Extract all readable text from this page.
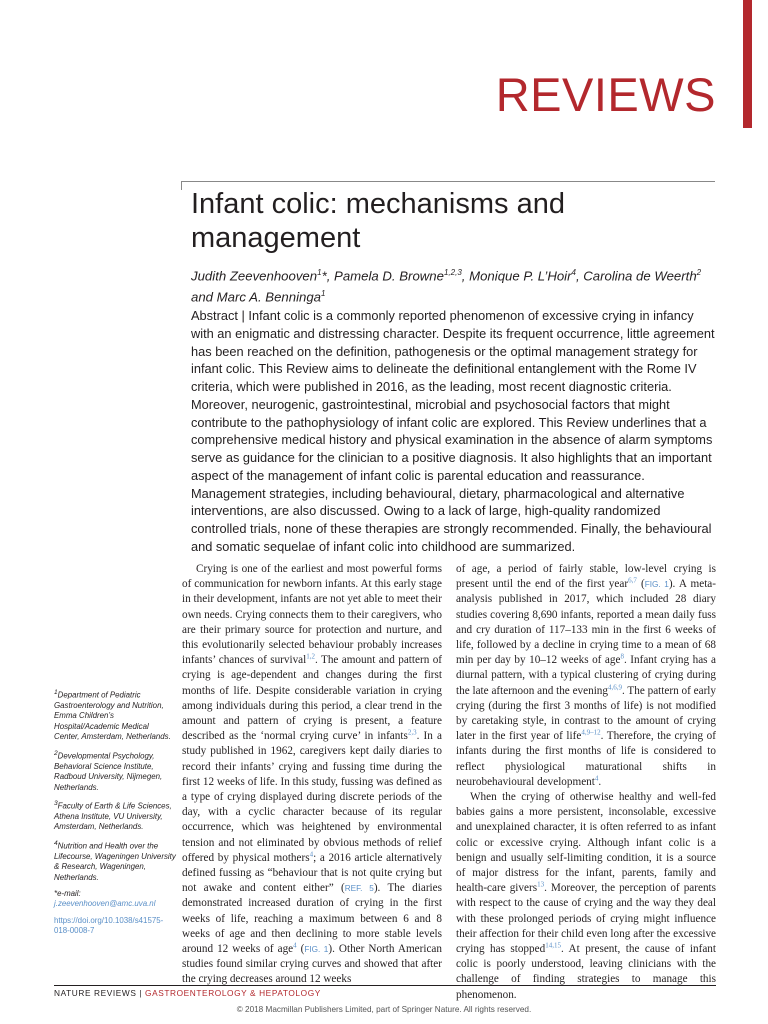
REVIEWS
Infant colic: mechanisms and management

Judith Zeevenhooven$^1$*, Pamela D. Browne$^{1,2,3}$, Monique P. L’Hoir$^4$, Carolina de Weerth$^2$ and Marc A. Benninga$^1$

Abstract | Infant colic is a commonly reported phenomenon of excessive crying in infancy with an enigmatic and distressing character. Despite its frequent occurrence, little agreement has been reached on the definition, pathogenesis or the optimal management strategy for infant colic. This Review aims to delineate the definitional entanglement with the Rome IV criteria, which were published in 2016, as the leading, most recent diagnostic criteria. Moreover, neurogenic, gastrointestinal, microbial and psychosocial factors that might contribute to the pathophysiology of infant colic are explored. This Review underlines that a comprehensive medical history and physical examination in the absence of alarm symptoms serve as guidance for the clinician to a positive diagnosis. It also highlights that an important aspect of the management of infant colic is parental education and reassurance. Management strategies, including behavioural, dietary, pharmacological and alternative interventions, are also discussed. Owing to a lack of large, high-quality randomized controlled trials, none of these therapies are strongly recommended. Finally, the behavioural and somatic sequelae of infant colic into childhood are summarized.

Crying is one of the earliest and most powerful forms of communication for newborn infants. At this early stage in their development, infants are not yet able to meet their own needs. Crying connects them to their caregivers, who are their primary source for protection and nurture, and this evolutionarily selected behaviour probably increases infants’ chances of survival$^{1,2}$. The amount and pattern of crying is age-dependent and changes during the first months of life. Despite considerable variation in crying among individuals during this period, a clear trend in the amount and pattern of crying is present, a feature described as the ‘normal crying curve’ in infants$^{2,3}$. In a study published in 1962, caregivers kept daily diaries to record their infants’ crying and fussing time during the first 12 weeks of life. In this study, fussing was defined as a type of crying displayed during discrete periods of the day, with a cyclic character because of its regular occurrence, which was heightened by environmental tension and not eliminated by obvious methods of relief offered by physical mothers$^4$; a 2016 article alternatively defined fussing as “behaviour that is not quite crying but not awake and content either” (REF. 5). The diaries demonstrated increased duration of crying in the first weeks of life, reaching a maximum between 6 and 8 weeks of age and then declining to more stable levels around 12 weeks of age$^4$ (FIG. 1). Other North American studies found similar crying curves and showed that after the crying decreases around 12 weeks

of age, a period of fairly stable, low-level crying is present until the end of the first year$^{6,7}$ (FIG. 1). A meta-analysis published in 2017, which included 28 diary studies covering 8,690 infants, reported a mean daily fuss and cry duration of 117–133 min in the first 6 weeks of life, followed by a decline in crying time to a mean of 68 min per day by 10–12 weeks of age$^8$. Infant crying has a diurnal pattern, with a typical clustering of crying during the late afternoon and the evening$^{4,6,9}$. The pattern of early crying (during the first 3 months of life) is not modified by caretaking style, in contrast to the amount of crying later in the first year of life$^{4,9-12}$. Therefore, the crying of infants during the first months of life is considered to reflect physiological maturational shifts in neurobehavioural development$^4$.

When the crying of otherwise healthy and well-fed babies gains a more persistent, inconsolable, excessive and unexplained character, it is often referred to as infant colic or excessive crying. Although infant colic is a benign and usually self-limiting condition, it is a source of major distress for the infant, parents, family and health-care givers$^{13}$. Moreover, the perception of parents with respect to the cause of crying and the way they deal with these prolonged periods of crying might influence their affection for their child even long after the excessive crying has stopped$^{14,15}$. At present, the cause of infant colic is poorly understood, leaving clinicians with the challenge of finding strategies to manage this phenomenon.

$^1$Department of Pediatric Gastroenterology and Nutrition, Emma Children’s Hospital/Academic Medical Center, Amsterdam, Netherlands.
$^2$Developmental Psychology, Behavioral Science Institute, Radboud University, Nijmegen, Netherlands.
$^3$Faculty of Earth & Life Sciences, Athena Institute, VU University, Amsterdam, Netherlands.
$^4$Nutrition and Health over the Lifecourse, Wageningen University & Research, Wageningen, Netherlands.
*e-mail: j.zeevenhooven@amc.uva.nl
https://doi.org/10.1038/s41575-018-0008-7
NATURE REVIEWS | GASTROENTEROLOGY & HEPATOLOGY
© 2018 Macmillan Publishers Limited, part of Springer Nature. All rights reserved.
